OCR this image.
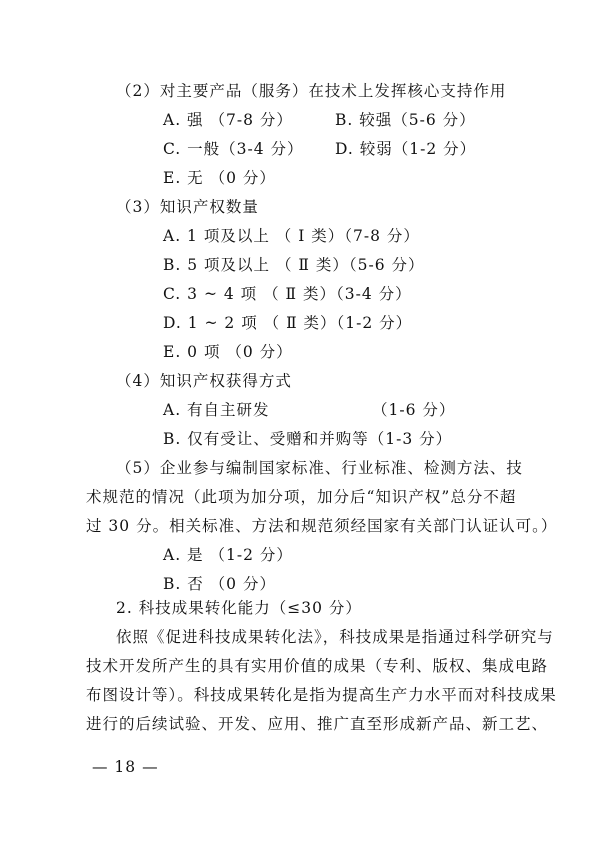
（2）对主要产品（服务）在技术上发挥核心支持作用
A. 强 （7-8 分）	B. 较强（5-6 分）
C. 一般（3-4 分） D. 较弱（1-2 分）
E. 无 （0 分）
（3）知识产权数量
A. 1 项及以上 （ Ⅰ 类）（7-8 分）
B. 5 项及以上 （ Ⅱ 类）（5-6 分）
C. 3 ~ 4 项 （ Ⅱ 类）（3-4 分）
D. 1 ~ 2 项 （ Ⅱ 类）（1-2 分）
E. 0 项 （0 分）
（4）知识产权获得方式
A. 有自主研发	（1-6 分）
B. 仅有受让、受赠和并购等（1-3 分）
（5）企业参与编制国家标准、行业标准、检测方法、技
术规范的情况（此项为加分项，加分后“知识产权”总分不超
过 30 分。相关标准、方法和规范须经国家有关部门认证认可。）
A. 是 （1-2 分）
B. 否 （0 分）
2. 科技成果转化能力（≤30 分）
依照《促进科技成果转化法》，科技成果是指通过科学研究与
技术开发所产生的具有实用价值的成果（专利、版权、集成电路
布图设计等）。科技成果转化是指为提高生产力水平而对科技成果
进行的后续试验、开发、应用、推广直至形成新产品、新工艺、
— 18 —
